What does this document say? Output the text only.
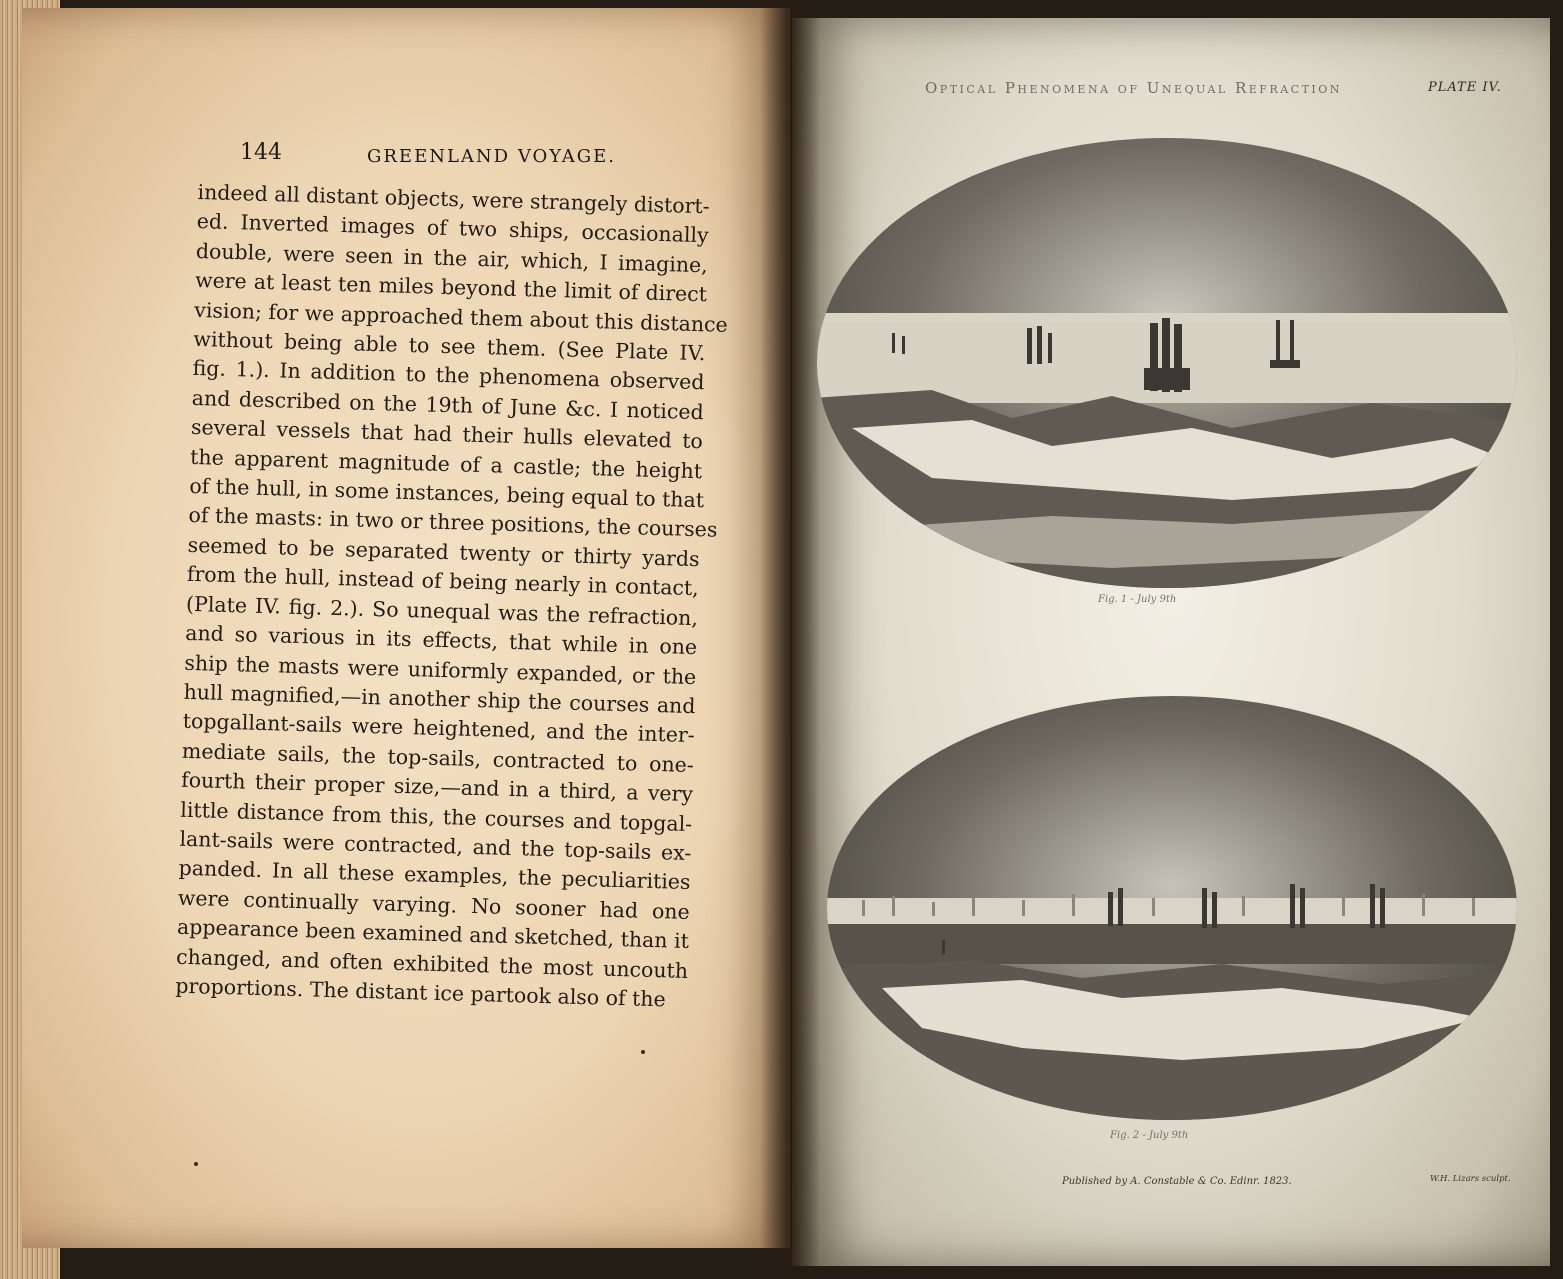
144	GREENLAND VOYAGE.
indeed all distant objects, were strangely distort-
ed. Inverted images of two ships, occasionally
double, were seen in the air, which, I imagine,
were at least ten miles beyond the limit of direct
vision; for we approached them about this distance
without being able to see them. (See Plate IV.
fig. 1.). In addition to the phenomena observed
and described on the 19th of June &c. I noticed
several vessels that had their hulls elevated to
the apparent magnitude of a castle; the height
of the hull, in some instances, being equal to that
of the masts: in two or three positions, the courses
seemed to be separated twenty or thirty yards
from the hull, instead of being nearly in contact,
(Plate IV. fig. 2.). So unequal was the refraction,
and so various in its effects, that while in one
ship the masts were uniformly expanded, or the
hull magnified,—in another ship the courses and
topgallant-sails were heightened, and the inter-
mediate sails, the top-sails, contracted to one-
fourth their proper size,—and in a third, a very
little distance from this, the courses and topgal-
lant-sails were contracted, and the top-sails ex-
panded. In all these examples, the peculiarities
were continually varying. No sooner had one
appearance been examined and sketched, than it
changed, and often exhibited the most uncouth
proportions. The distant ice partook also of the
Optical Phenomena of Unequal Refraction	PLATE IV.
Fig. 1 - July 9th
Fig. 2 - July 9th
Published by A. Constable & Co. Edinr. 1823.	W.H. Lizars sculpt.
